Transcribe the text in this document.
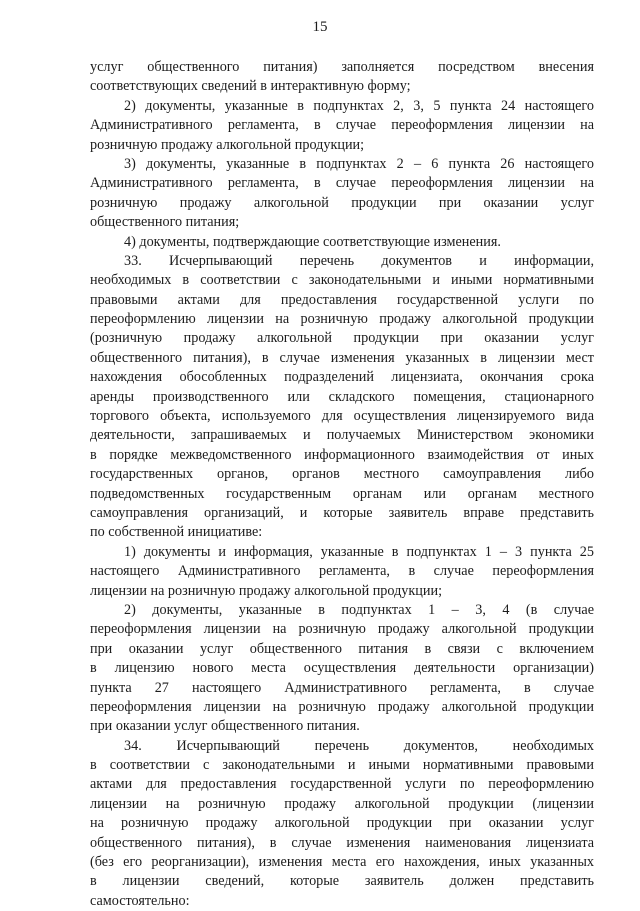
15
услуг общественного питания) заполняется посредством внесения
соответствующих сведений в интерактивную форму;
2) документы, указанные в подпунктах 2, 3, 5 пункта 24 настоящего
Административного регламента, в случае переоформления лицензии на
розничную продажу алкогольной продукции;
3) документы, указанные в подпунктах 2 – 6 пункта 26 настоящего
Административного регламента, в случае переоформления лицензии на
розничную продажу алкогольной продукции при оказании услуг
общественного питания;
4) документы, подтверждающие соответствующие изменения.
33. Исчерпывающий перечень документов и информации,
необходимых в соответствии с законодательными и иными нормативными
правовыми актами для предоставления государственной услуги по
переоформлению лицензии на розничную продажу алкогольной продукции
(розничную продажу алкогольной продукции при оказании услуг
общественного питания), в случае изменения указанных в лицензии мест
нахождения обособленных подразделений лицензиата, окончания срока
аренды производственного или складского помещения, стационарного
торгового объекта, используемого для осуществления лицензируемого вида
деятельности, запрашиваемых и получаемых Министерством экономики
в порядке межведомственного информационного взаимодействия от иных
государственных органов, органов местного самоуправления либо
подведомственных государственным органам или органам местного
самоуправления организаций, и которые заявитель вправе представить
по собственной инициативе:
1) документы и информация, указанные в подпунктах 1 – 3 пункта 25
настоящего Административного регламента, в случае переоформления
лицензии на розничную продажу алкогольной продукции;
2) документы, указанные в подпунктах 1 – 3, 4 (в случае
переоформления лицензии на розничную продажу алкогольной продукции
при оказании услуг общественного питания в связи с включением
в лицензию нового места осуществления деятельности организации)
пункта 27 настоящего Административного регламента, в случае
переоформления лицензии на розничную продажу алкогольной продукции
при оказании услуг общественного питания.
34. Исчерпывающий перечень документов, необходимых
в соответствии с законодательными и иными нормативными правовыми
актами для предоставления государственной услуги по переоформлению
лицензии на розничную продажу алкогольной продукции (лицензии
на розничную продажу алкогольной продукции при оказании услуг
общественного питания), в случае изменения наименования лицензиата
(без его реорганизации), изменения места его нахождения, иных указанных
в лицензии сведений, которые заявитель должен представить
самостоятельно:
